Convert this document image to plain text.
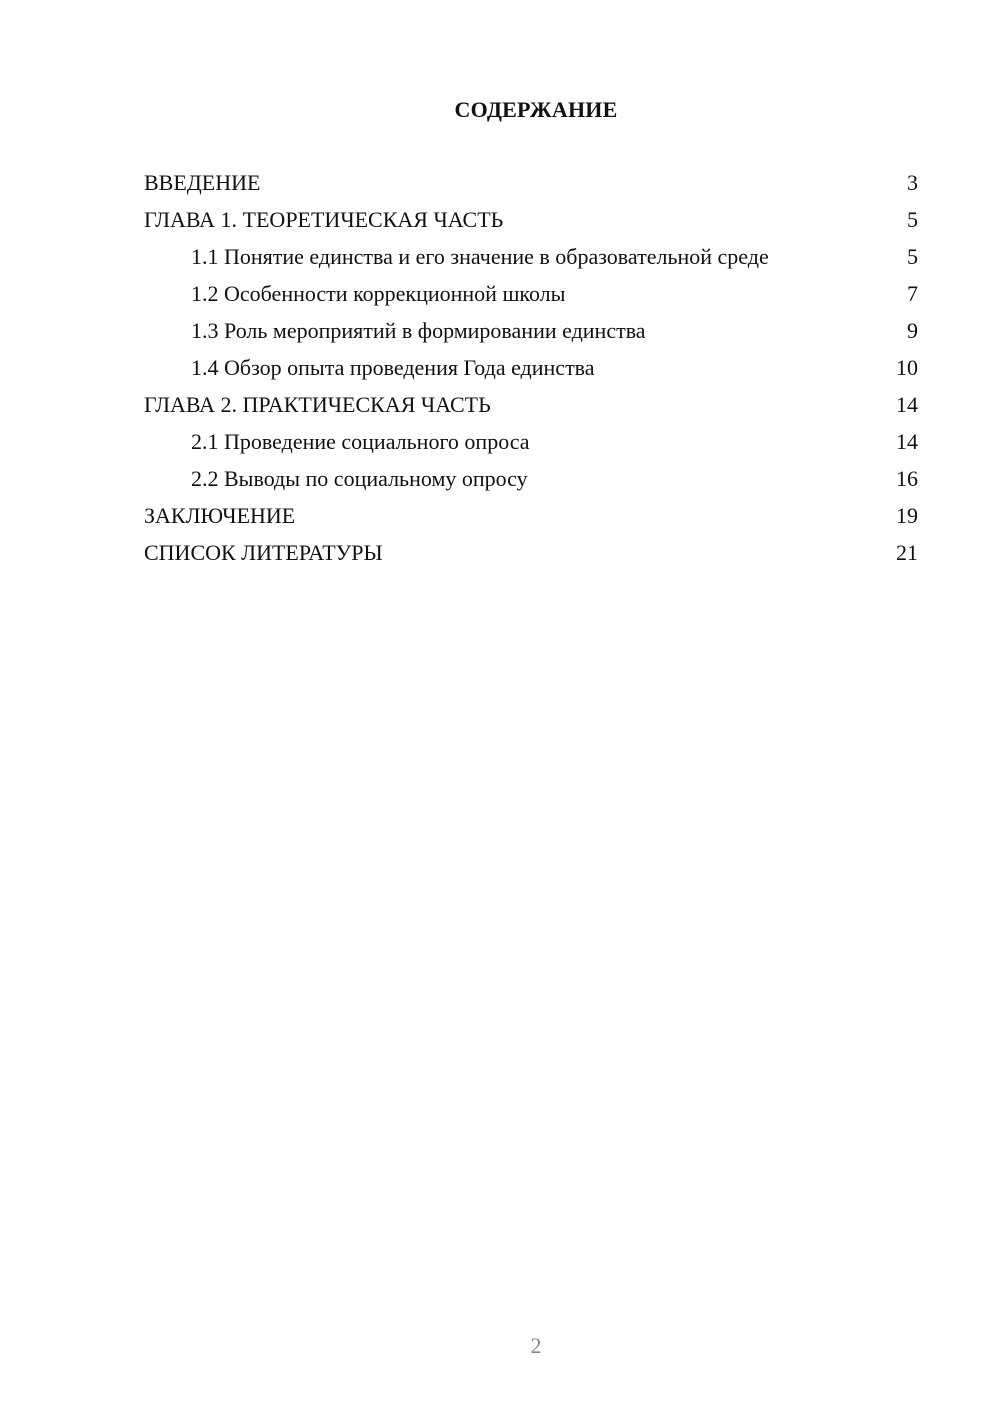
СОДЕРЖАНИЕ
ВВЕДЕНИЕ	3
ГЛАВА 1. ТЕОРЕТИЧЕСКАЯ ЧАСТЬ	5
1.1 Понятие единства и его значение в образовательной среде	5
1.2 Особенности коррекционной школы	7
1.3 Роль мероприятий в формировании единства	9
1.4 Обзор опыта проведения Года единства	10
ГЛАВА 2. ПРАКТИЧЕСКАЯ ЧАСТЬ	14
2.1 Проведение социального опроса	14
2.2 Выводы по социальному опросу	16
ЗАКЛЮЧЕНИЕ	19
СПИСОК ЛИТЕРАТУРЫ	21
2
